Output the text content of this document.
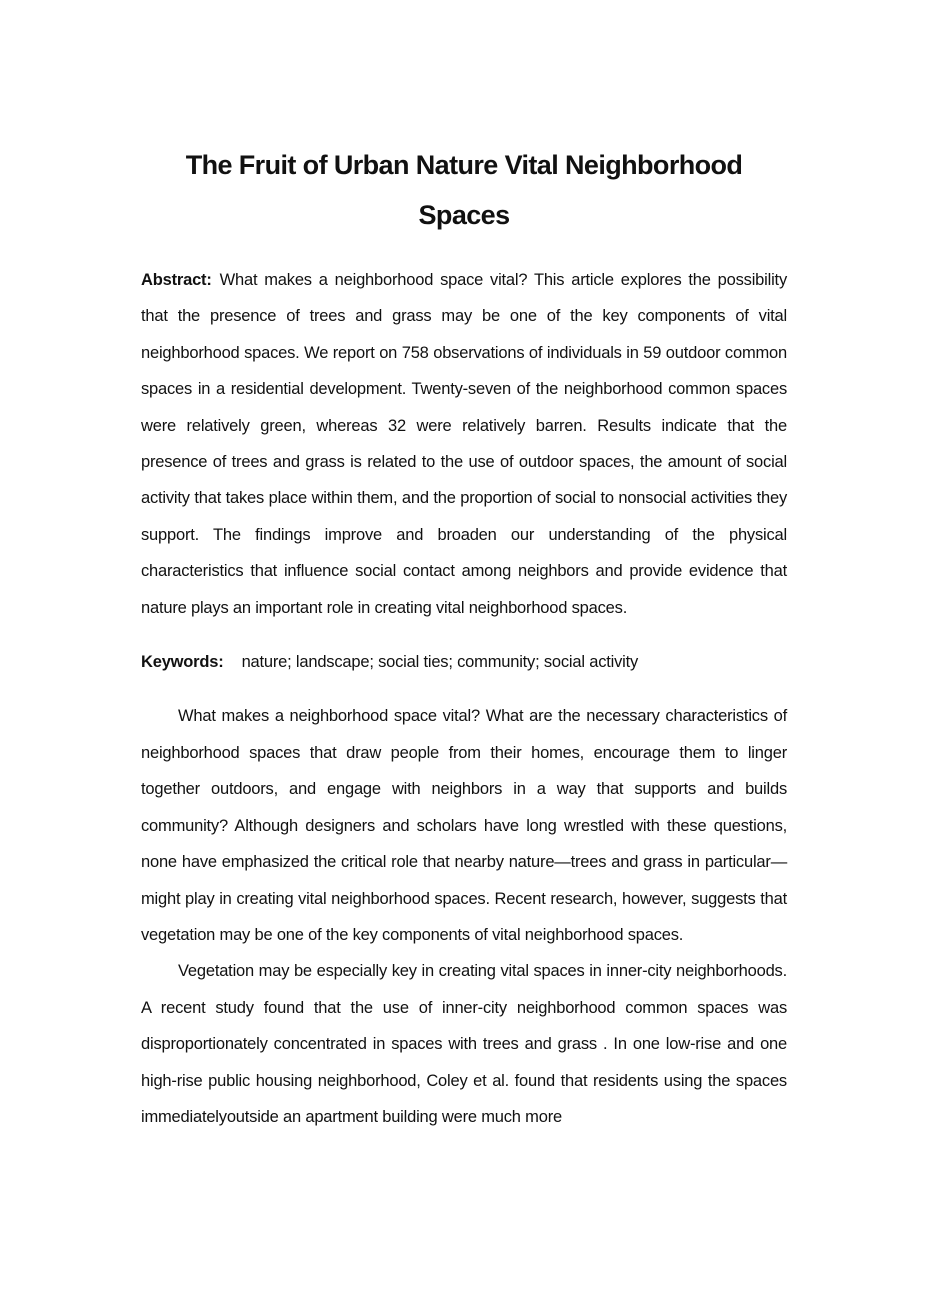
The Fruit of Urban Nature Vital Neighborhood
Spaces

Abstract: What makes a neighborhood space vital? This article explores the possibility that the presence of trees and grass may be one of the key components of vital neighborhood spaces. We report on 758 observations of individuals in 59 outdoor common spaces in a residential development. Twenty-seven of the neighborhood common spaces were relatively green, whereas 32 were relatively barren. Results indicate that the presence of trees and grass is related to the use of outdoor spaces, the amount of social activity that takes place within them, and the proportion of social to nonsocial activities they support. The findings improve and broaden our understanding of the physical characteristics that influence social contact among neighbors and provide evidence that nature plays an important role in creating vital neighborhood spaces.

Keywords: nature; landscape; social ties; community; social activity

What makes a neighborhood space vital? What are the necessary characteristics of neighborhood spaces that draw people from their homes, encourage them to linger together outdoors, and engage with neighbors in a way that supports and builds community? Although designers and scholars have long wrestled with these questions, none have emphasized the critical role that nearby nature—trees and grass in particular—might play in creating vital neighborhood spaces. Recent research, however, suggests that vegetation may be one of the key components of vital neighborhood spaces.

Vegetation may be especially key in creating vital spaces in inner-city neighborhoods. A recent study found that the use of inner-city neighborhood common spaces was disproportionately concentrated in spaces with trees and grass . In one low-rise and one high-rise public housing neighborhood, Coley et al. found that residents using the spaces immediatelyoutside an apartment building were much more
